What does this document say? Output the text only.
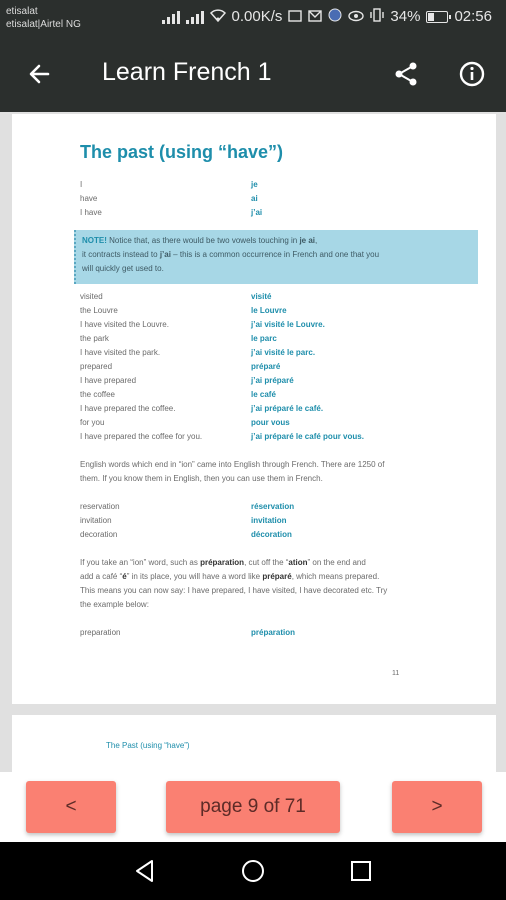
etisalat
etisalat|Airtel NG	0.00K/s	34% 02:56
Learn French 1
The past (using “have”)
I	je
have	ai
I have	j’ai
NOTE! Notice that, as there would be two vowels touching in je ai,
it contracts instead to j’ai – this is a common occurrence in French and one that you
will quickly get used to.
visited	visité
the Louvre	le Louvre
I have visited the Louvre.	j’ai visité le Louvre.
the park	le parc
I have visited the park.	j’ai visité le parc.
prepared	préparé
I have prepared	j’ai préparé
the coffee	le café
I have prepared the coffee.	j’ai préparé le café.
for you	pour vous
I have prepared the coffee for you.	j’ai préparé le café pour vous.
English words which end in “ion” came into English through French. There are 1250 of
them. If you know them in English, then you can use them in French.
reservation	réservation
invitation	invitation
decoration	décoration
If you take an “ion” word, such as préparation, cut off the “ation” on the end and
add a café “é” in its place, you will have a word like préparé, which means prepared.
This means you can now say: I have prepared, I have visited, I have decorated etc. Try
the example below:
preparation	préparation
11
The Past (using “have”)
<	page 9 of 71	>
